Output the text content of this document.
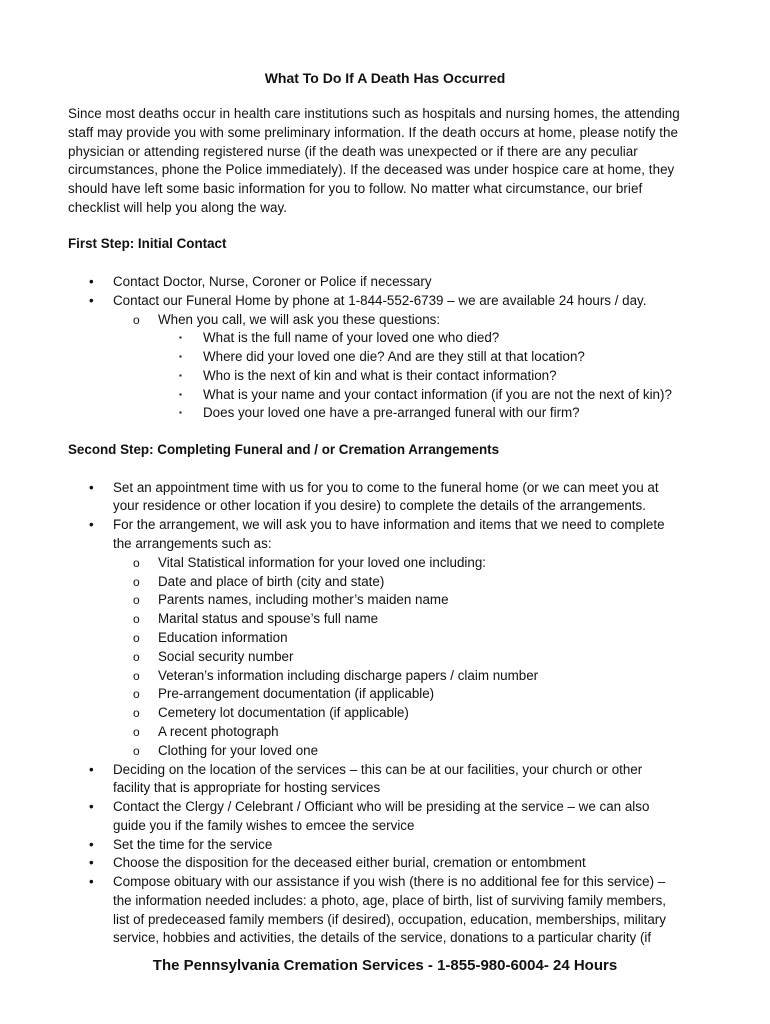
What To Do If A Death Has Occurred
Since most deaths occur in health care institutions such as hospitals and nursing homes, the attending
staff may provide you with some preliminary information. If the death occurs at home, please notify the
physician or attending registered nurse (if the death was unexpected or if there are any peculiar
circumstances, phone the Police immediately). If the deceased was under hospice care at home, they
should have left some basic information for you to follow. No matter what circumstance, our brief
checklist will help you along the way.
First Step: Initial Contact
• Contact Doctor, Nurse, Coroner or Police if necessary
• Contact our Funeral Home by phone at 1-844-552-6739 – we are available 24 hours / day.
o When you call, we will ask you these questions:
▪ What is the full name of your loved one who died?
▪ Where did your loved one die? And are they still at that location?
▪ Who is the next of kin and what is their contact information?
▪ What is your name and your contact information (if you are not the next of kin)?
▪ Does your loved one have a pre-arranged funeral with our firm?
Second Step: Completing Funeral and / or Cremation Arrangements
• Set an appointment time with us for you to come to the funeral home (or we can meet you at
your residence or other location if you desire) to complete the details of the arrangements.
• For the arrangement, we will ask you to have information and items that we need to complete
the arrangements such as:
o Vital Statistical information for your loved one including:
o Date and place of birth (city and state)
o Parents names, including mother’s maiden name
o Marital status and spouse’s full name
o Education information
o Social security number
o Veteran’s information including discharge papers / claim number
o Pre-arrangement documentation (if applicable)
o Cemetery lot documentation (if applicable)
o A recent photograph
o Clothing for your loved one
• Deciding on the location of the services – this can be at our facilities, your church or other
facility that is appropriate for hosting services
• Contact the Clergy / Celebrant / Officiant who will be presiding at the service – we can also
guide you if the family wishes to emcee the service
• Set the time for the service
• Choose the disposition for the deceased either burial, cremation or entombment
• Compose obituary with our assistance if you wish (there is no additional fee for this service) –
the information needed includes: a photo, age, place of birth, list of surviving family members,
list of predeceased family members (if desired), occupation, education, memberships, military
service, hobbies and activities, the details of the service, donations to a particular charity (if
The Pennsylvania Cremation Services - 1-855-980-6004- 24 Hours
